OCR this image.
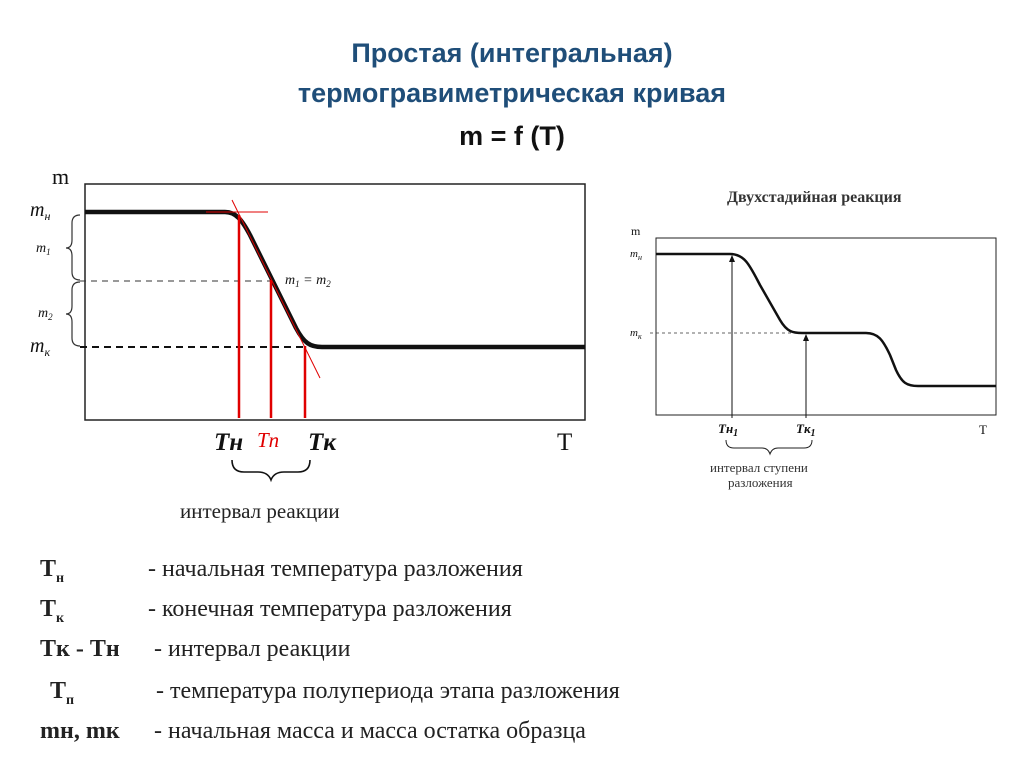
Простая (интегральная)
термогравиметрическая кривая
m = f (T)
m
$m_н$
$m_1$
$m_2$
$m_к$
$m_1 = m_2$
Tн Tп Tк	T
интервал реакции
Двухстадийная реакция
m
$m_н$
$m_к$
$Tн_1$	$Tк_1$	T
интервал ступени
разложения
$T_н$	- начальная температура разложения
$T_к$	- конечная температура разложения
Tк - Tн - интервал реакции
$T_п$	- температура полупериода этапа разложения
mн, mк - начальная масса и масса остатка образца
